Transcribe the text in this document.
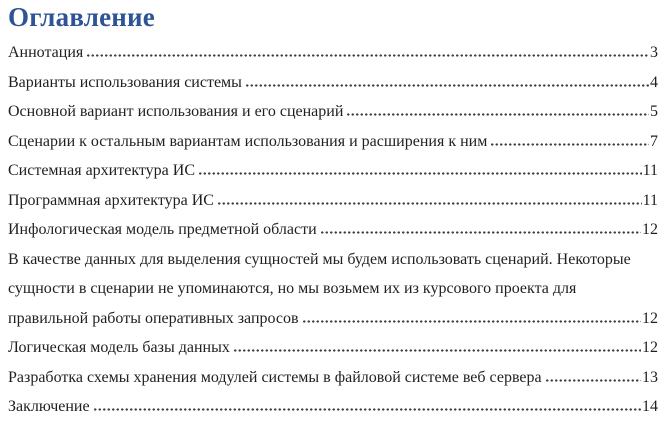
Оглавление
Аннотация	3
Варианты использования системы	4
Основной вариант использования и его сценарий	5
Сценарии к остальным вариантам использования и расширения к ним	7
Системная архитектура ИС	11
Программная архитектура ИС	11
Инфологическая модель предметной области	12
В качестве данных для выделения сущностей мы будем использовать сценарий. Некоторые
сущности в сценарии не упоминаются, но мы возьмем их из курсового проекта для
правильной работы оперативных запросов	12
Логическая модель базы данных	12
Разработка схемы хранения модулей системы в файловой системе веб сервера	13
Заключение	14
